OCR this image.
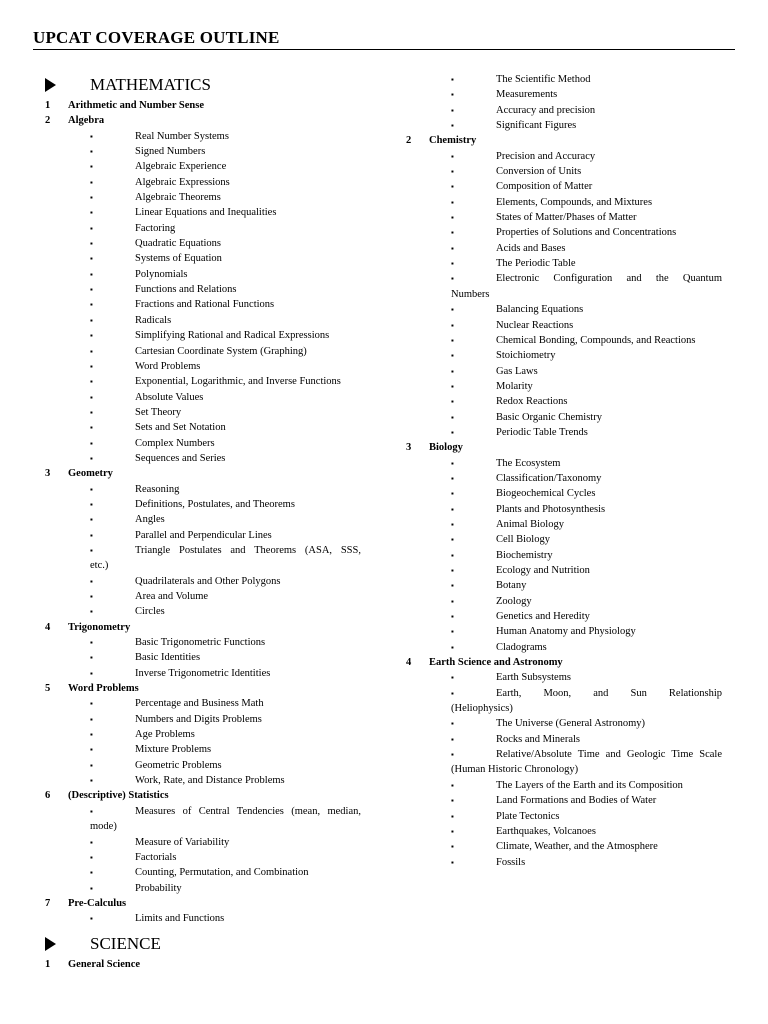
UPCAT COVERAGE OUTLINE
MATHEMATICS
1 Arithmetic and Number Sense
2 Algebra
▪	Real Number Systems
▪	Signed Numbers
▪	Algebraic Experience
▪	Algebraic Expressions
▪	Algebraic Theorems
▪	Linear Equations and Inequalities
▪	Factoring
▪	Quadratic Equations
▪	Systems of Equation
▪	Polynomials
▪	Functions and Relations
▪	Fractions and Rational Functions
▪	Radicals
▪	Simplifying Rational and Radical Expressions
▪	Cartesian Coordinate System (Graphing)
▪	Word Problems
▪	Exponential, Logarithmic, and Inverse Functions
▪	Absolute Values
▪	Set Theory
▪	Sets and Set Notation
▪	Complex Numbers
▪	Sequences and Series
3 Geometry
▪	Reasoning
▪	Definitions, Postulates, and Theorems
▪	Angles
▪	Parallel and Perpendicular Lines
▪	Triangle Postulates and Theorems (ASA, SSS,
etc.)
▪	Quadrilaterals and Other Polygons
▪	Area and Volume
▪	Circles
4 Trigonometry
▪	Basic Trigonometric Functions
▪	Basic Identities
▪	Inverse Trigonometric Identities
5 Word Problems
▪	Percentage and Business Math
▪	Numbers and Digits Problems
▪	Age Problems
▪	Mixture Problems
▪	Geometric Problems
▪	Work, Rate, and Distance Problems
6 (Descriptive) Statistics
▪	Measures of Central Tendencies (mean, median,
mode)
▪	Measure of Variability
▪	Factorials
▪	Counting, Permutation, and Combination
▪	Probability
7 Pre-Calculus
▪	Limits and Functions
SCIENCE
1 General Science
▪	The Scientific Method
▪	Measurements
▪	Accuracy and precision
▪	Significant Figures
2 Chemistry
▪	Precision and Accuracy
▪	Conversion of Units
▪	Composition of Matter
▪	Elements, Compounds, and Mixtures
▪	States of Matter/Phases of Matter
▪	Properties of Solutions and Concentrations
▪	Acids and Bases
▪	The Periodic Table
▪	Electronic Configuration and the Quantum
Numbers
▪	Balancing Equations
▪	Nuclear Reactions
▪	Chemical Bonding, Compounds, and Reactions
▪	Stoichiometry
▪	Gas Laws
▪	Molarity
▪	Redox Reactions
▪	Basic Organic Chemistry
▪	Periodic Table Trends
3 Biology
▪	The Ecosystem
▪	Classification/Taxonomy
▪	Biogeochemical Cycles
▪	Plants and Photosynthesis
▪	Animal Biology
▪	Cell Biology
▪	Biochemistry
▪	Ecology and Nutrition
▪	Botany
▪	Zoology
▪	Genetics and Heredity
▪	Human Anatomy and Physiology
▪	Cladograms
4 Earth Science and Astronomy
▪	Earth Subsystems
▪	Earth, Moon, and Sun Relationship
(Heliophysics)
▪	The Universe (General Astronomy)
▪	Rocks and Minerals
▪	Relative/Absolute Time and Geologic Time Scale
(Human Historic Chronology)
▪	The Layers of the Earth and its Composition
▪	Land Formations and Bodies of Water
▪	Plate Tectonics
▪	Earthquakes, Volcanoes
▪	Climate, Weather, and the Atmosphere
▪	Fossils
